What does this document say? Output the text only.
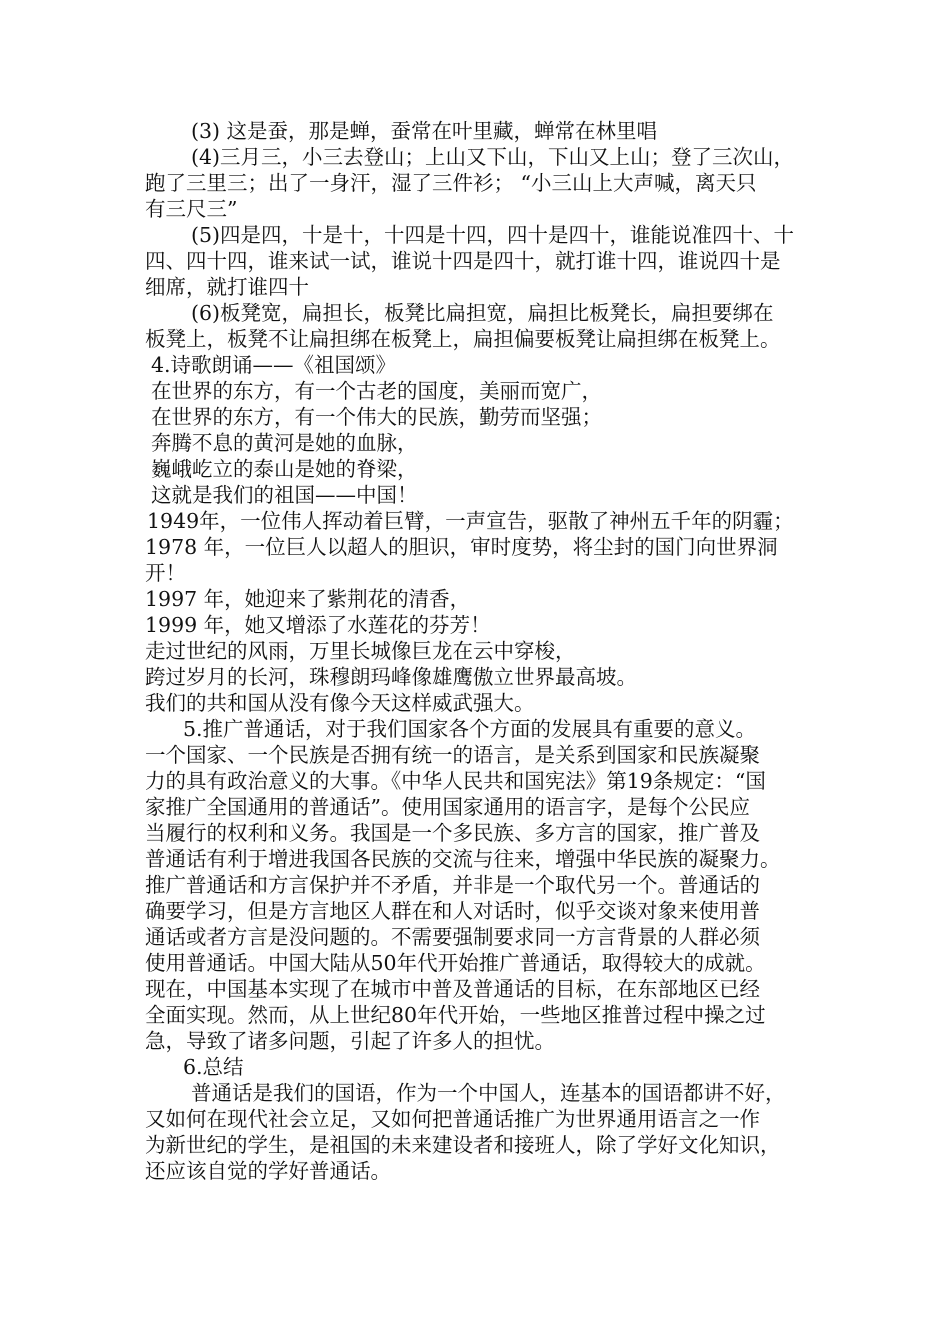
(3) 这是蚕，那是蝉，蚕常在叶里藏，蝉常在林里唱
(4)三月三，小三去登山；上山又下山，下山又上山；登了三次山，
跑了三里三；出了一身汗，湿了三件衫； “小三山上大声喊，离天只
有三尺三”
(5)四是四，十是十，十四是十四，四十是四十，谁能说准四十、十
四、四十四，谁来试一试，谁说十四是四十，就打谁十四，谁说四十是
细席，就打谁四十
(6)板凳宽，扁担长，板凳比扁担宽，扁担比板凳长，扁担要绑在
板凳上，板凳不让扁担绑在板凳上，扁担偏要板凳让扁担绑在板凳上。
4.诗歌朗诵——《祖国颂》
在世界的东方，有一个古老的国度，美丽而宽广，
在世界的东方，有一个伟大的民族，勤劳而坚强；
奔腾不息的黄河是她的血脉，
巍峨屹立的泰山是她的脊梁，
这就是我们的祖国——中国！
1949年，一位伟人挥动着巨臂，一声宣告，驱散了神州五千年的阴霾；
1978 年，一位巨人以超人的胆识，审时度势，将尘封的国门向世界洞
开！
1997 年，她迎来了紫荆花的清香，
1999 年，她又增添了水莲花的芬芳！
走过世纪的风雨，万里长城像巨龙在云中穿梭，
跨过岁月的长河，珠穆朗玛峰像雄鹰傲立世界最高坡。
我们的共和国从没有像今天这样威武强大。
5.推广普通话，对于我们国家各个方面的发展具有重要的意义。
一个国家、一个民族是否拥有统一的语言，是关系到国家和民族凝聚
力的具有政治意义的大事。《中华人民共和国宪法》第19条规定：“国
家推广全国通用的普通话”。使用国家通用的语言字，是每个公民应
当履行的权利和义务。我国是一个多民族、多方言的国家，推广普及
普通话有利于增进我国各民族的交流与往来，增强中华民族的凝聚力。
推广普通话和方言保护并不矛盾，并非是一个取代另一个。普通话的
确要学习，但是方言地区人群在和人对话时，似乎交谈对象来使用普
通话或者方言是没问题的。不需要强制要求同一方言背景的人群必须
使用普通话。中国大陆从50年代开始推广普通话，取得较大的成就。
现在，中国基本实现了在城市中普及普通话的目标，在东部地区已经
全面实现。然而，从上世纪80年代开始，一些地区推普过程中操之过
急，导致了诸多问题，引起了许多人的担忧。
6.总结
普通话是我们的国语，作为一个中国人，连基本的国语都讲不好，
又如何在现代社会立足，又如何把普通话推广为世界通用语言之一作
为新世纪的学生，是祖国的未来建设者和接班人，除了学好文化知识，
还应该自觉的学好普通话。
